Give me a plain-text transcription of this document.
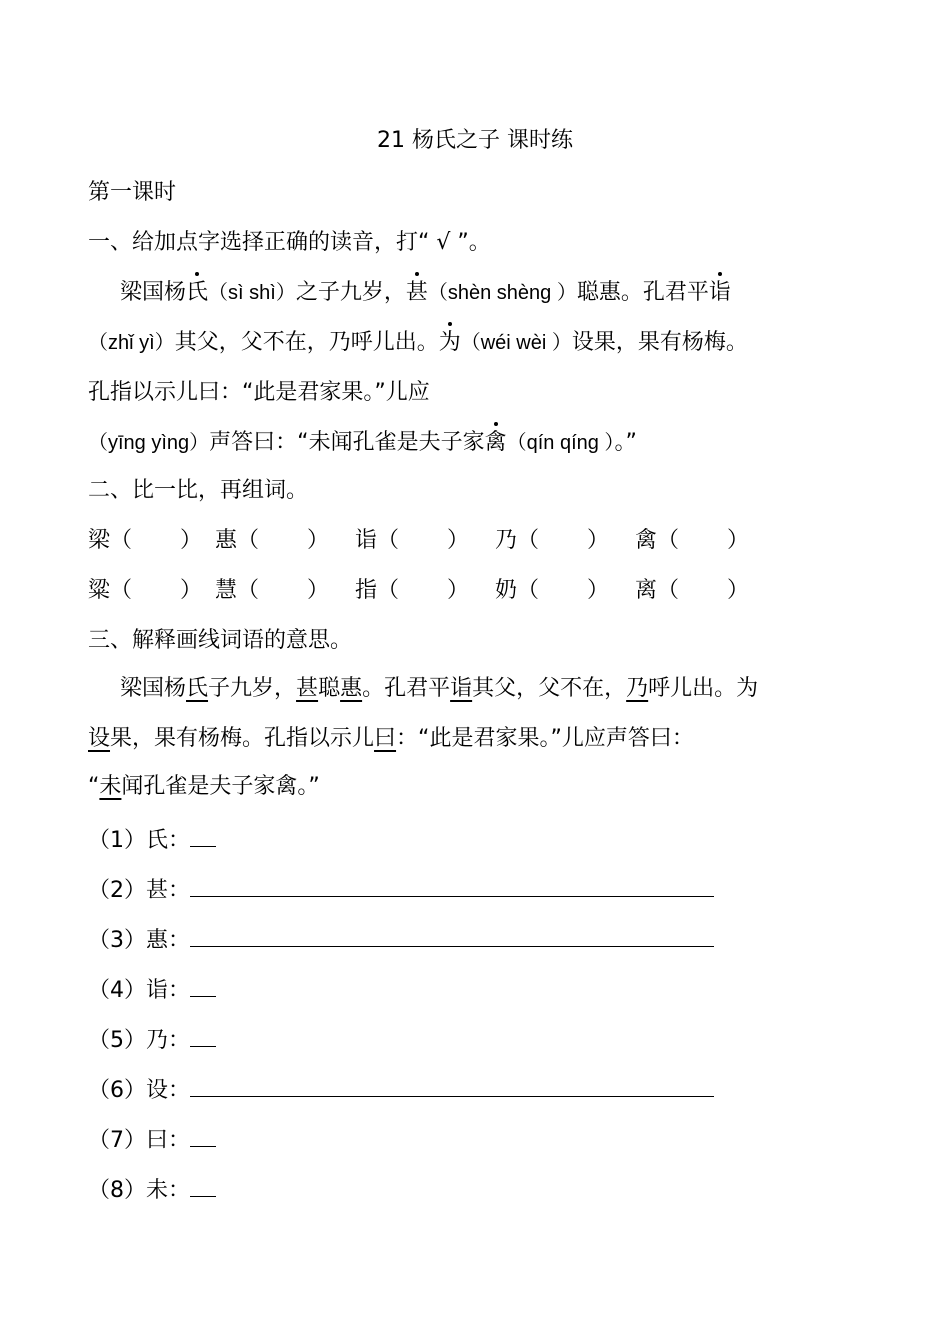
21 杨氏之子 课时练
第一课时
一、给加点字选择正确的读音，打“ √ ”。
梁国杨氏（sì shì）之子九岁，甚（shèn shèng ）聪惠。孔君平诣
（zhǐ yì）其父，父不在，乃呼儿出。为（wéi wèi ）设果，果有杨梅。
孔指以示儿曰：“此是君家果。”儿应
（yīng yìng）声答曰：“未闻孔雀是夫子家禽（qín qíng ）。”
二、比一比，再组词。
梁（ ） 惠（ ） 诣（ ） 乃（ ） 禽（ ）
粱（ ） 慧（ ） 指（ ） 奶（ ） 离（ ）
三、解释画线词语的意思。
梁国杨氏子九岁，甚聪惠。孔君平诣其父，父不在，乃呼儿出。为
设果，果有杨梅。孔指以示儿曰：“此是君家果。”儿应声答曰：
“未闻孔雀是夫子家禽。”
（1）氏：
（2）甚：
（3）惠：
（4）诣：
（5）乃：
（6）设：
（7）曰：
（8）未：
